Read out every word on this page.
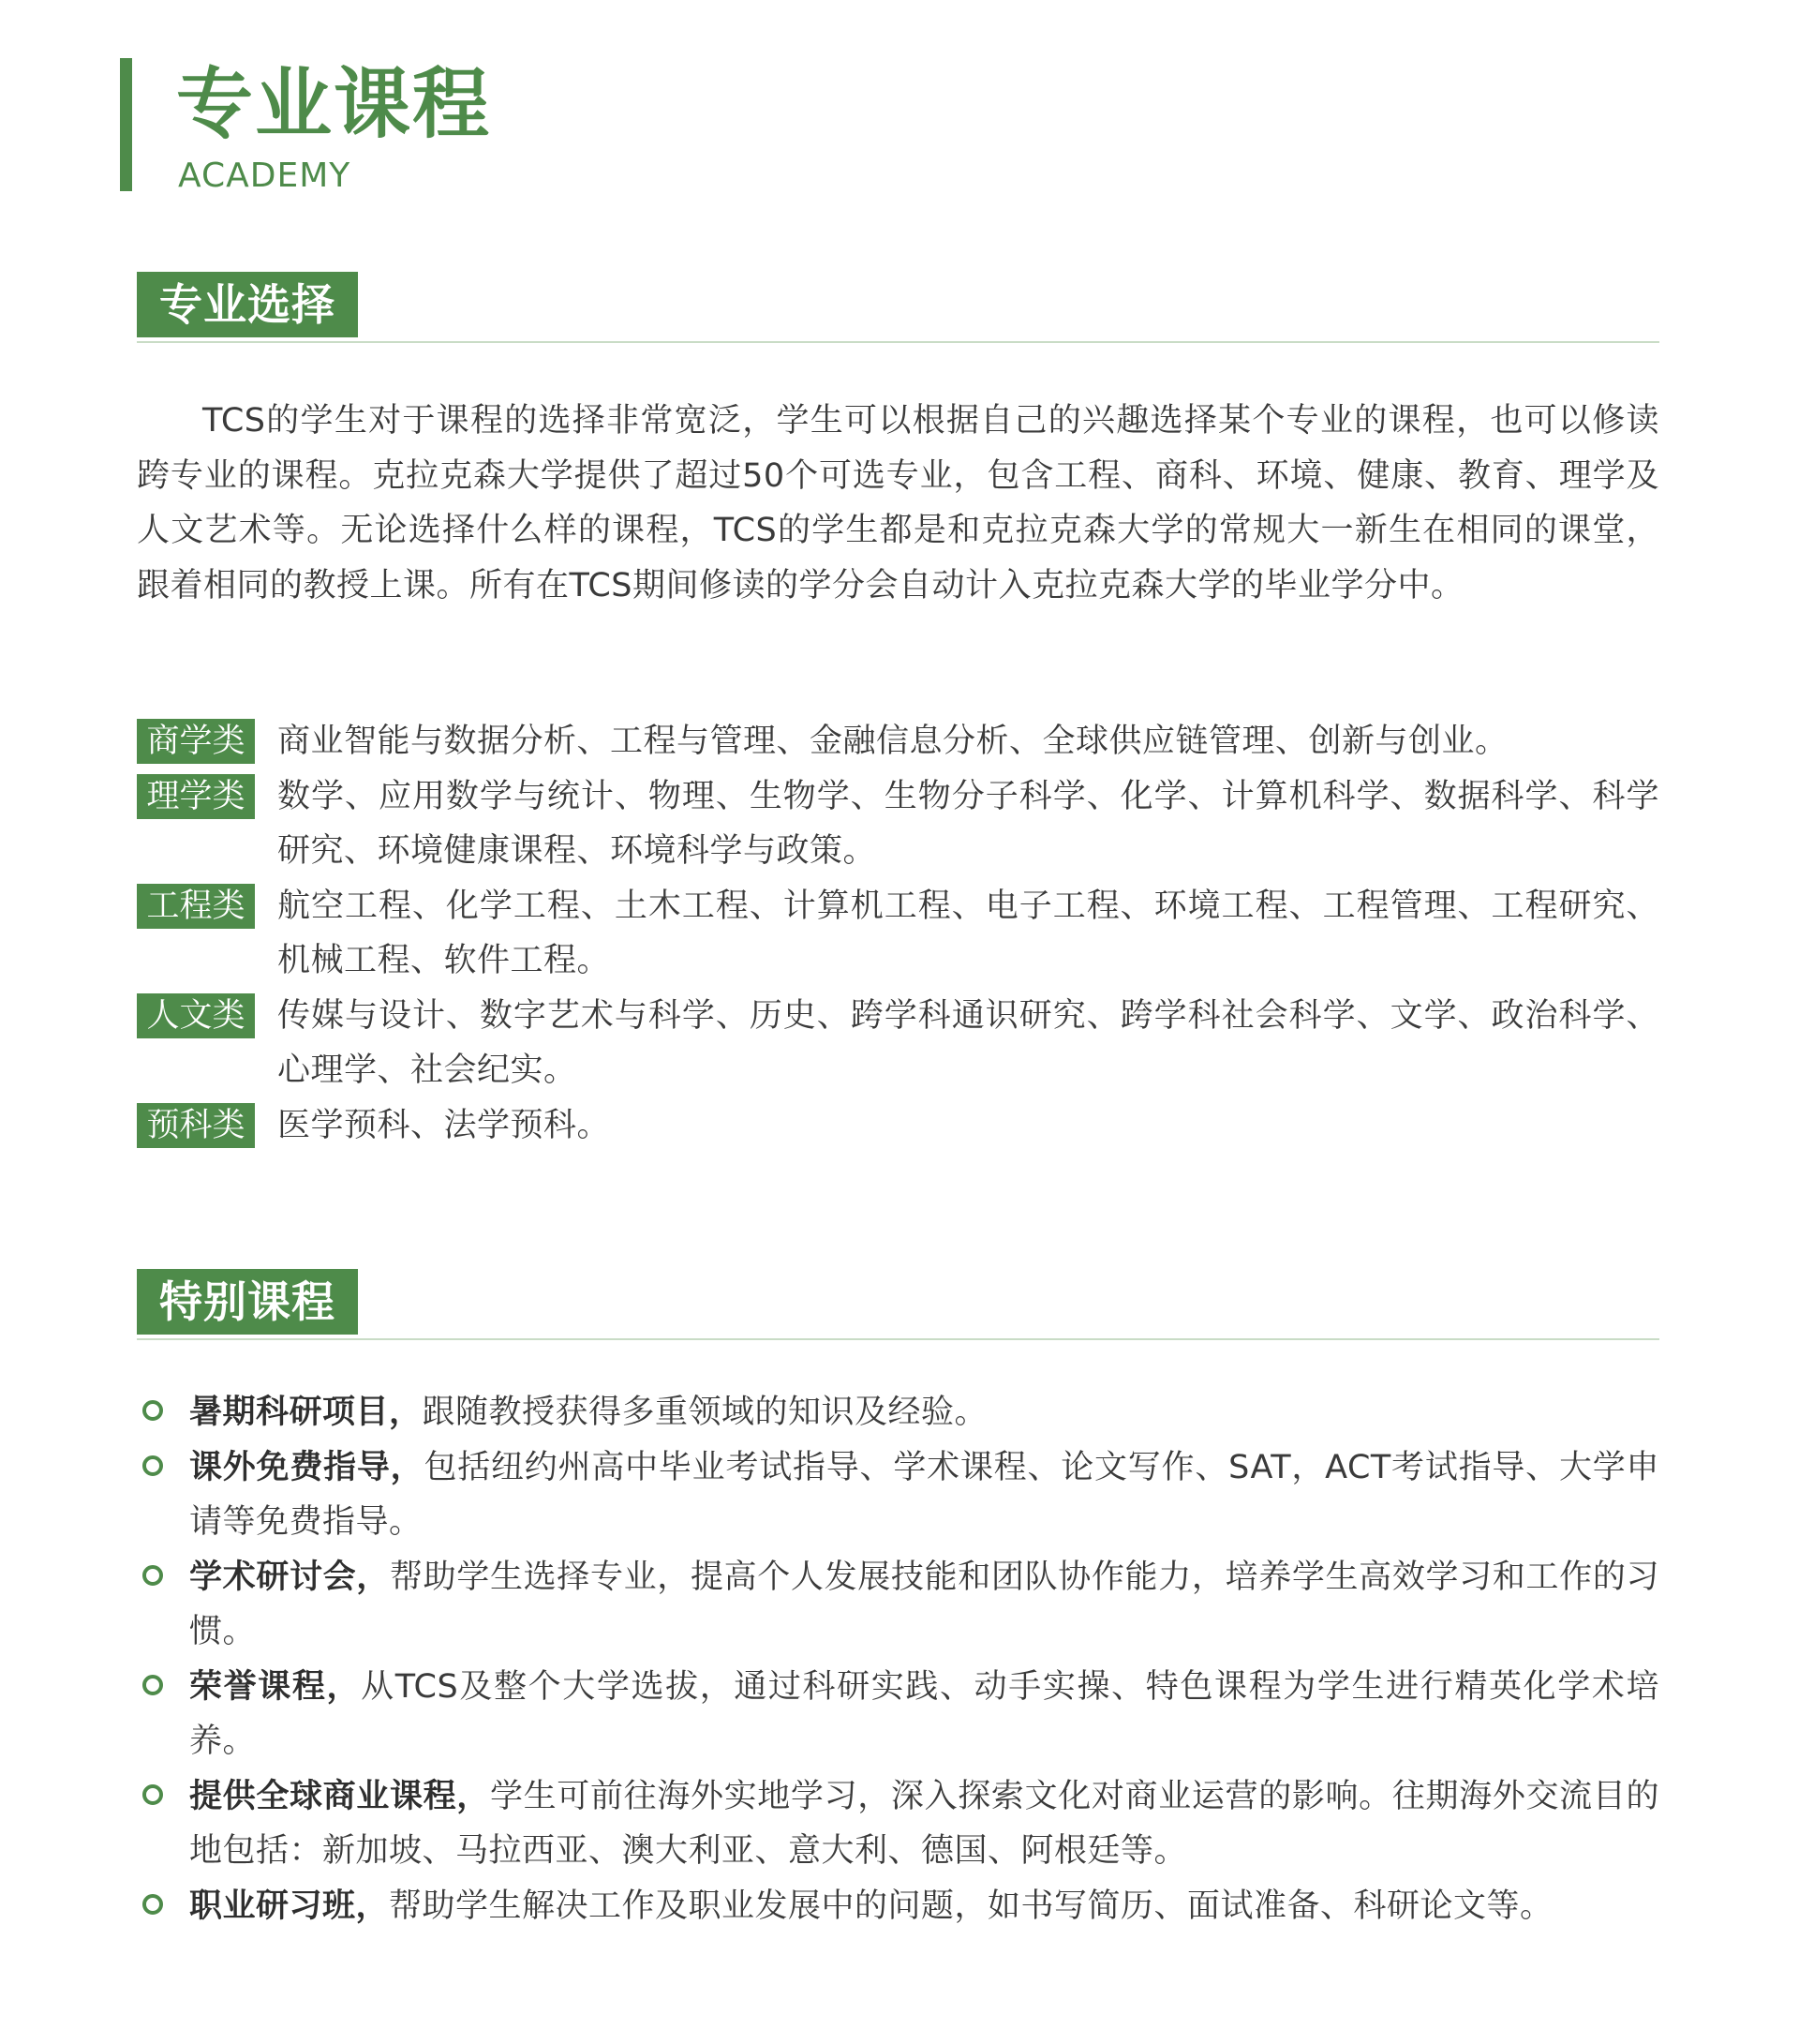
专业课程
ACADEMY
专业选择
TCS的学生对于课程的选择非常宽泛，学生可以根据自己的兴趣选择某个专业的课程，也可以修读跨专业的课程。克拉克森大学提供了超过50个可选专业，包含工程、商科、环境、健康、教育、理学及人文艺术等。无论选择什么样的课程，TCS的学生都是和克拉克森大学的常规大一新生在相同的课堂，跟着相同的教授上课。所有在TCS期间修读的学分会自动计入克拉克森大学的毕业学分中。
商学类 商业智能与数据分析、工程与管理、金融信息分析、全球供应链管理、创新与创业。
理学类 数学、应用数学与统计、物理、生物学、生物分子科学、化学、计算机科学、数据科学、科学研究、环境健康课程、环境科学与政策。
工程类 航空工程、化学工程、土木工程、计算机工程、电子工程、环境工程、工程管理、工程研究、机械工程、软件工程。
人文类 传媒与设计、数字艺术与科学、历史、跨学科通识研究、跨学科社会科学、文学、政治科学、心理学、社会纪实。
预科类 医学预科、法学预科。
特别课程
暑期科研项目，跟随教授获得多重领域的知识及经验。
课外免费指导，包括纽约州高中毕业考试指导、学术课程、论文写作、SAT，ACT考试指导、大学申请等免费指导。
学术研讨会，帮助学生选择专业，提高个人发展技能和团队协作能力，培养学生高效学习和工作的习惯。
荣誉课程，从TCS及整个大学选拔，通过科研实践、动手实操、特色课程为学生进行精英化学术培养。
提供全球商业课程，学生可前往海外实地学习，深入探索文化对商业运营的影响。往期海外交流目的地包括：新加坡、马拉西亚、澳大利亚、意大利、德国、阿根廷等。
职业研习班，帮助学生解决工作及职业发展中的问题，如书写简历、面试准备、科研论文等。
